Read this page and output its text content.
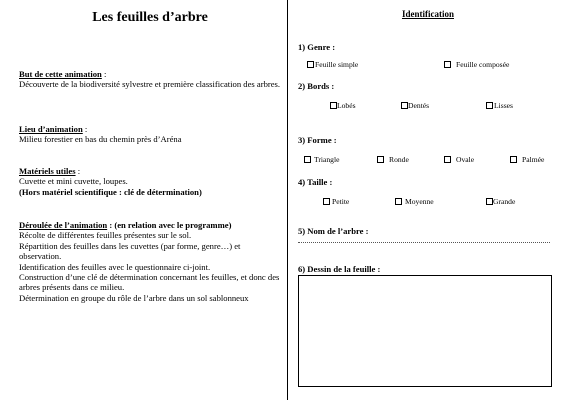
Les feuilles d’arbre
But de cette animation :
Découverte de la biodiversité sylvestre et première classification des arbres.
Lieu d’animation :
Milieu forestier en bas du chemin près d’Aréna
Matériels utiles :
Cuvette et mini cuvette, loupes.
(Hors matériel scientifique : clé de détermination)
Déroulée de l’animation : (en relation avec le programme)
Récolte de différentes feuilles présentes sur le sol.
Répartition des feuilles dans les cuvettes (par forme, genre…) et observation.
Identification des feuilles avec le questionnaire ci-joint.
Construction d’une clé de détermination concernant les feuilles, et donc des arbres présents dans ce milieu.
Détermination en groupe du rôle de l’arbre dans un sol sablonneux
Identification
1) Genre :
Feuille simple	Feuille composée
2) Bords :
Lobés	Dentés	Lisses
3) Forme :
Triangle	Ronde	Ovale	Palmée
4) Taille :
Petite	Moyenne	Grande
5) Nom de l’arbre :
6) Dessin de la feuille :
